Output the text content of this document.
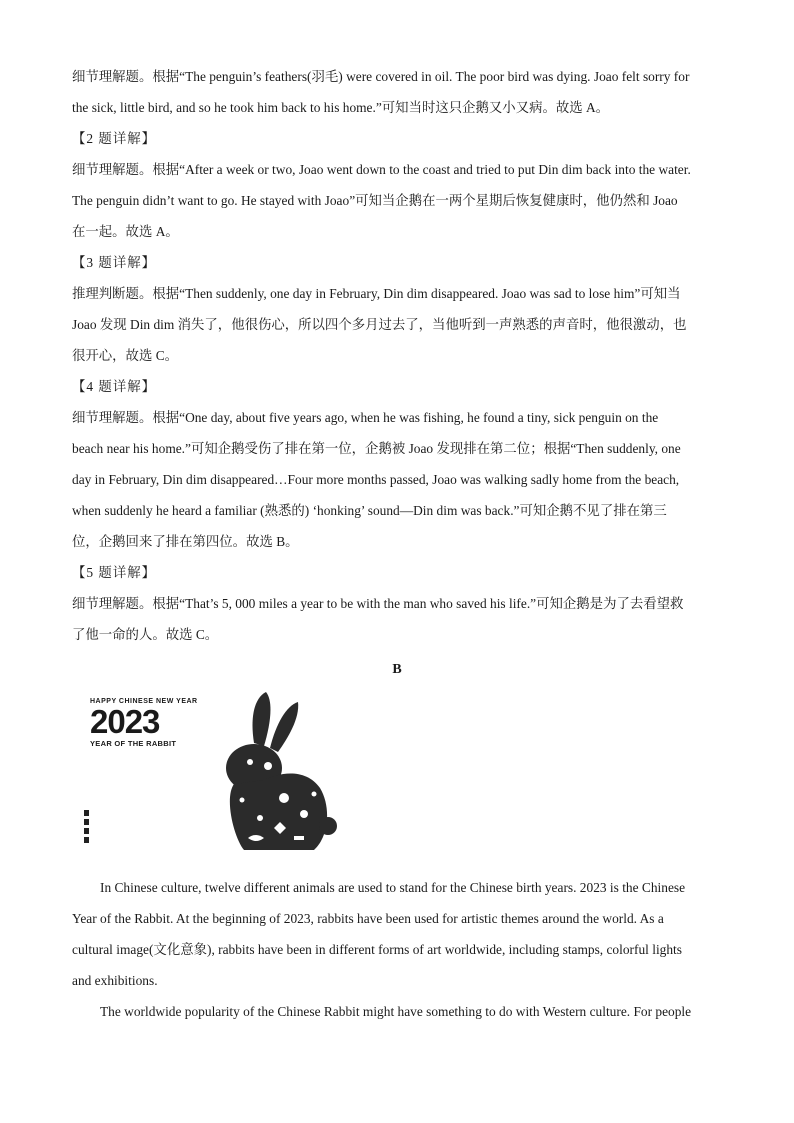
细节理解题。根据“The penguin’s feathers(羽毛) were covered in oil. The poor bird was dying. Joao felt sorry for
the sick, little bird, and so he took him back to his home.”可知当时这只企鹅又小又病。故选 A。
【2 题详解】
细节理解题。根据“After a week or two, Joao went down to the coast and tried to put Din dim back into the water.
The penguin didn’t want to go. He stayed with Joao”可知当企鹅在一两个星期后恢复健康时，他仍然和 Joao
在一起。故选 A。
【3 题详解】
推理判断题。根据“Then suddenly, one day in February, Din dim disappeared. Joao was sad to lose him”可知当
Joao 发现 Din dim 消失了，他很伤心，所以四个多月过去了，当他听到一声熟悉的声音时，他很激动，也
很开心，故选 C。
【4 题详解】
细节理解题。根据“One day, about five years ago, when he was fishing, he found a tiny, sick penguin on the
beach near his home.”可知企鹅受伤了排在第一位，企鹅被 Joao 发现排在第二位；根据“Then suddenly, one
day in February, Din dim disappeared…Four more months passed, Joao was walking sadly home from the beach,
when suddenly he heard a familiar (熟悉的) ‘honking’ sound—Din dim was back.”可知企鹅不见了排在第三
位，企鹅回来了排在第四位。故选 B。
【5 题详解】
细节理解题。根据“That’s 5, 000 miles a year to be with the man who saved his life.”可知企鹅是为了去看望救
了他一命的人。故选 C。
B
HAPPY CHINESE NEW YEAR
2023
YEAR OF THE RABBIT
In Chinese culture, twelve different animals are used to stand for the Chinese birth years. 2023 is the Chinese
Year of the Rabbit. At the beginning of 2023, rabbits have been used for artistic themes around the world. As a
cultural image(文化意象), rabbits have been in different forms of art worldwide, including stamps, colorful lights
and exhibitions.
The worldwide popularity of the Chinese Rabbit might have something to do with Western culture. For people
